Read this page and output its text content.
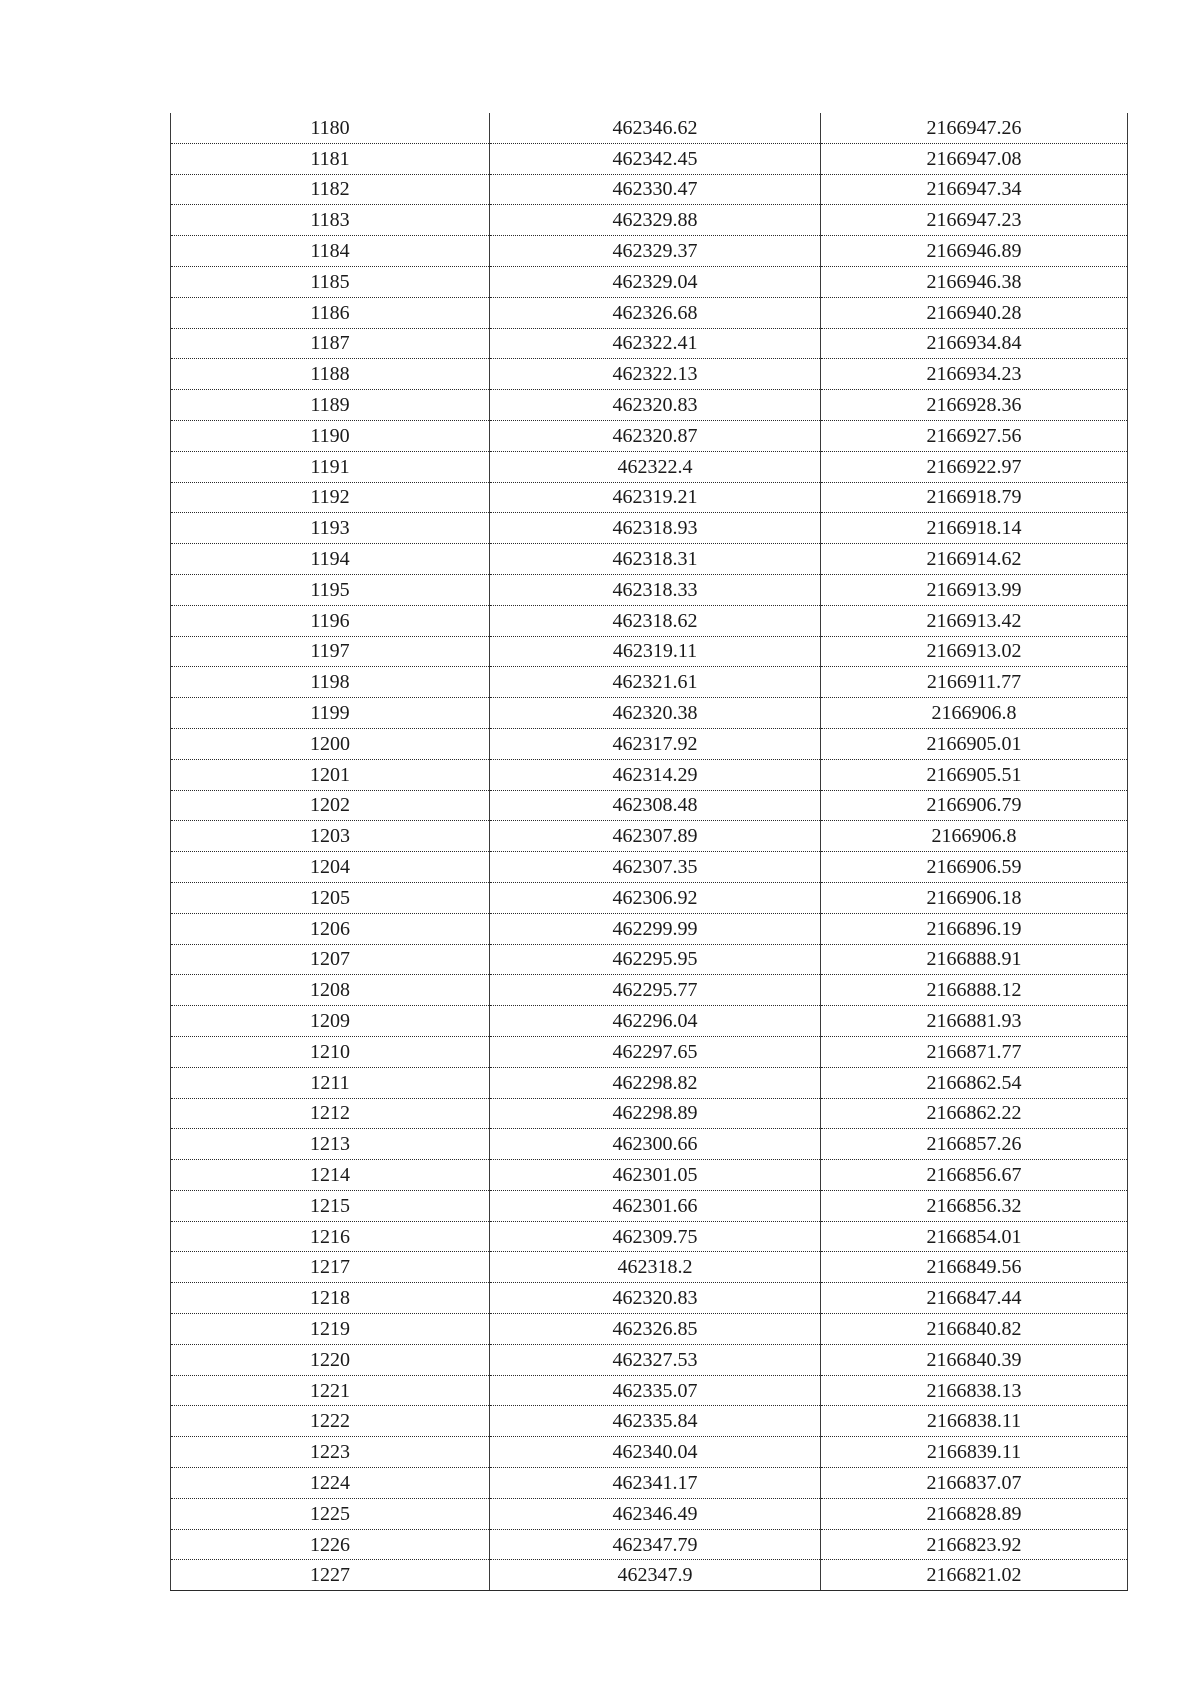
1180	462346.62	2166947.26
1181	462342.45	2166947.08
1182	462330.47	2166947.34
1183	462329.88	2166947.23
1184	462329.37	2166946.89
1185	462329.04	2166946.38
1186	462326.68	2166940.28
1187	462322.41	2166934.84
1188	462322.13	2166934.23
1189	462320.83	2166928.36
1190	462320.87	2166927.56
1191	462322.4	2166922.97
1192	462319.21	2166918.79
1193	462318.93	2166918.14
1194	462318.31	2166914.62
1195	462318.33	2166913.99
1196	462318.62	2166913.42
1197	462319.11	2166913.02
1198	462321.61	2166911.77
1199	462320.38	2166906.8
1200	462317.92	2166905.01
1201	462314.29	2166905.51
1202	462308.48	2166906.79
1203	462307.89	2166906.8
1204	462307.35	2166906.59
1205	462306.92	2166906.18
1206	462299.99	2166896.19
1207	462295.95	2166888.91
1208	462295.77	2166888.12
1209	462296.04	2166881.93
1210	462297.65	2166871.77
1211	462298.82	2166862.54
1212	462298.89	2166862.22
1213	462300.66	2166857.26
1214	462301.05	2166856.67
1215	462301.66	2166856.32
1216	462309.75	2166854.01
1217	462318.2	2166849.56
1218	462320.83	2166847.44
1219	462326.85	2166840.82
1220	462327.53	2166840.39
1221	462335.07	2166838.13
1222	462335.84	2166838.11
1223	462340.04	2166839.11
1224	462341.17	2166837.07
1225	462346.49	2166828.89
1226	462347.79	2166823.92
1227	462347.9	2166821.02
